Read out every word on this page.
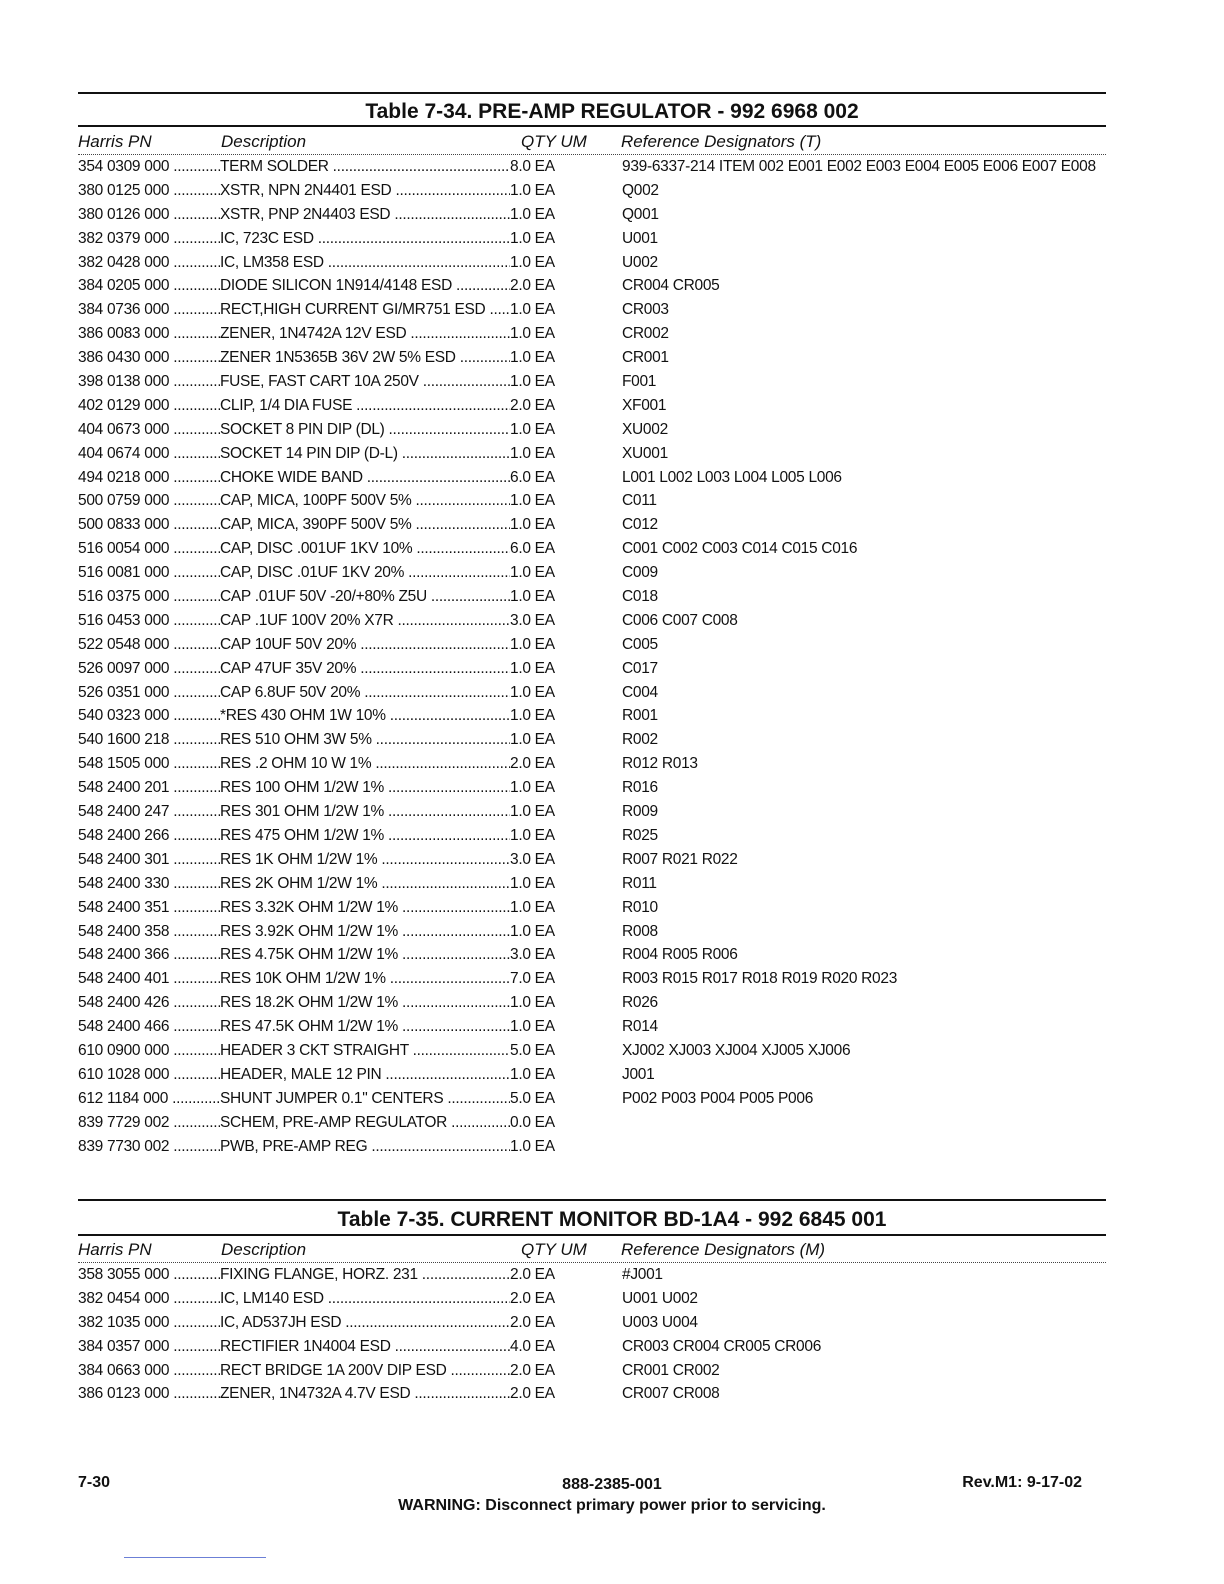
Table 7-34. PRE-AMP REGULATOR - 992 6968 002
Harris PN	Description	QTY UM Reference Designators (T)
354 0309 000 .....	TERM SOLDER .....	8.0 EA	939-6337-214 ITEM 002 E001 E002 E003 E004 E005 E006 E007 E008
380 0125 000 .....	XSTR, NPN 2N4401 ESD .....	1.0 EA	Q002
380 0126 000 .....	XSTR, PNP 2N4403 ESD .....	1.0 EA	Q001
382 0379 000 .....	IC, 723C ESD .....	1.0 EA	U001
382 0428 000 .....	IC, LM358 ESD .....	1.0 EA	U002
384 0205 000 .....	DIODE SILICON 1N914/4148 ESD .....	2.0 EA	CR004 CR005
384 0736 000 .....	RECT,HIGH CURRENT GI/MR751 ESD .....	1.0 EA	CR003
386 0083 000 .....	ZENER, 1N4742A 12V ESD .....	1.0 EA	CR002
386 0430 000 .....	ZENER 1N5365B 36V 2W 5% ESD .....	1.0 EA	CR001
398 0138 000 .....	FUSE, FAST CART 10A 250V .....	1.0 EA	F001
402 0129 000 .....	CLIP, 1/4 DIA FUSE .....	2.0 EA	XF001
404 0673 000 .....	SOCKET 8 PIN DIP (DL) .....	1.0 EA	XU002
404 0674 000 .....	SOCKET 14 PIN DIP (D-L) .....	1.0 EA	XU001
494 0218 000 .....	CHOKE WIDE BAND .....	6.0 EA	L001 L002 L003 L004 L005 L006
500 0759 000 .....	CAP, MICA, 100PF 500V 5% .....	1.0 EA	C011
500 0833 000 .....	CAP, MICA, 390PF 500V 5% .....	1.0 EA	C012
516 0054 000 .....	CAP, DISC .001UF 1KV 10% .....	6.0 EA	C001 C002 C003 C014 C015 C016
516 0081 000 .....	CAP, DISC .01UF 1KV 20% .....	1.0 EA	C009
516 0375 000 .....	CAP .01UF 50V -20/+80% Z5U .....	1.0 EA	C018
516 0453 000 .....	CAP .1UF 100V 20% X7R .....	3.0 EA	C006 C007 C008
522 0548 000 .....	CAP 10UF 50V 20% .....	1.0 EA	C005
526 0097 000 .....	CAP 47UF 35V 20% .....	1.0 EA	C017
526 0351 000 .....	CAP 6.8UF 50V 20% .....	1.0 EA	C004
540 0323 000 .....	*RES 430 OHM 1W 10% .....	1.0 EA	R001
540 1600 218 .....	RES 510 OHM 3W 5% .....	1.0 EA	R002
548 1505 000 .....	RES .2 OHM 10 W 1% .....	2.0 EA	R012 R013
548 2400 201 .....	RES 100 OHM 1/2W 1% .....	1.0 EA	R016
548 2400 247 .....	RES 301 OHM 1/2W 1% .....	1.0 EA	R009
548 2400 266 .....	RES 475 OHM 1/2W 1% .....	1.0 EA	R025
548 2400 301 .....	RES 1K OHM 1/2W 1% .....	3.0 EA	R007 R021 R022
548 2400 330 .....	RES 2K OHM 1/2W 1% .....	1.0 EA	R011
548 2400 351 .....	RES 3.32K OHM 1/2W 1% .....	1.0 EA	R010
548 2400 358 .....	RES 3.92K OHM 1/2W 1% .....	1.0 EA	R008
548 2400 366 .....	RES 4.75K OHM 1/2W 1% .....	3.0 EA	R004 R005 R006
548 2400 401 .....	RES 10K OHM 1/2W 1% .....	7.0 EA	R003 R015 R017 R018 R019 R020 R023
548 2400 426 .....	RES 18.2K OHM 1/2W 1% .....	1.0 EA	R026
548 2400 466 .....	RES 47.5K OHM 1/2W 1% .....	1.0 EA	R014
610 0900 000 .....	HEADER 3 CKT STRAIGHT .....	5.0 EA	XJ002 XJ003 XJ004 XJ005 XJ006
610 1028 000 .....	HEADER, MALE 12 PIN .....	1.0 EA	J001
612 1184 000 .....	SHUNT JUMPER 0.1" CENTERS .....	5.0 EA	P002 P003 P004 P005 P006
839 7729 002 .....	SCHEM, PRE-AMP REGULATOR .....	0.0 EA
839 7730 002 .....	PWB, PRE-AMP REG .....	1.0 EA
Table 7-35. CURRENT MONITOR BD-1A4 - 992 6845 001
Harris PN	Description	QTY UM Reference Designators (M)
358 3055 000 .....	FIXING FLANGE, HORZ. 231 .....	2.0 EA	#J001
382 0454 000 .....	IC, LM140 ESD .....	2.0 EA	U001 U002
382 1035 000 .....	IC, AD537JH ESD .....	2.0 EA	U003 U004
384 0357 000 .....	RECTIFIER 1N4004 ESD .....	4.0 EA	CR003 CR004 CR005 CR006
384 0663 000 .....	RECT BRIDGE 1A 200V DIP ESD .....	2.0 EA	CR001 CR002
386 0123 000 .....	ZENER, 1N4732A 4.7V ESD .....	2.0 EA	CR007 CR008
7-30	888-2385-001
WARNING: Disconnect primary power prior to servicing.
Rev.M1: 9-17-02
